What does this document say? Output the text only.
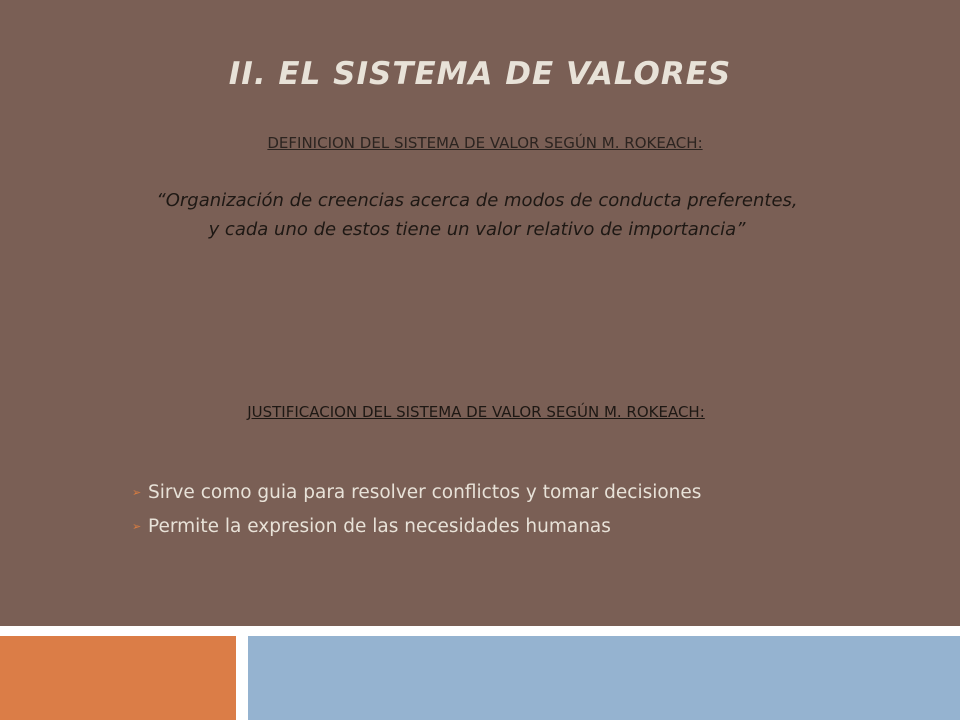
II. EL SISTEMA DE VALORES
DEFINICION DEL SISTEMA DE VALOR SEGÚN M. ROKEACH:
“Organización de creencias acerca de modos de conducta preferentes, y cada uno de estos tiene un valor relativo de importancia”
JUSTIFICACION DEL SISTEMA DE VALOR SEGÚN M. ROKEACH:
➢ Sirve como guia para resolver conflictos y tomar decisiones
➢ Permite la expresion de las necesidades humanas
